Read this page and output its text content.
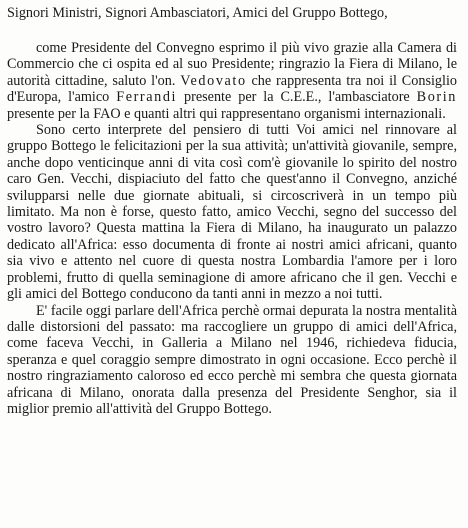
Signori Ministri, Signori Ambasciatori, Amici del Gruppo Bottego,

come Presidente del Convegno esprimo il più vivo grazie alla Camera di Commercio che ci ospita ed al suo Presidente; ringrazio la Fiera di Milano, le autorità cittadine, saluto l'on. Vedovato che rappresenta tra noi il Consiglio d'Europa, l'amico Ferrandi presente per la C.E.E., l'ambasciatore Borin presente per la FAO e quanti altri qui rappresentano organismi internazionali.

Sono certo interprete del pensiero di tutti Voi amici nel rinnovare al gruppo Bottego le felicitazioni per la sua attività; un'attività giovanile, sempre, anche dopo venticinque anni di vita così com'è giovanile lo spirito del nostro caro Gen. Vecchi, dispiaciuto del fatto che quest'anno il Convegno, anziché svilupparsi nelle due giornate abituali, si circoscriverà in un tempo più limitato. Ma non è forse, questo fatto, amico Vecchi, segno del successo del vostro lavoro? Questa mattina la Fiera di Milano, ha inaugurato un palazzo dedicato all'Africa: esso documenta di fronte ai nostri amici africani, quanto sia vivo e attento nel cuore di questa nostra Lombardia l'amore per i loro problemi, frutto di quella seminagione di amore africano che il gen. Vecchi e gli amici del Bottego conducono da tanti anni in mezzo a noi tutti.

E' facile oggi parlare dell'Africa perchè ormai depurata la nostra mentalità dalle distorsioni del passato: ma raccogliere un gruppo di amici dell'Africa, come faceva Vecchi, in Galleria a Milano nel 1946, richiedeva fiducia, speranza e quel coraggio sempre dimostrato in ogni occasione. Ecco perchè il nostro ringraziamento caloroso ed ecco perchè mi sembra che questa giornata africana di Milano, onorata dalla presenza del Presidente Senghor, sia il miglior premio all'attività del Gruppo Bottego.
